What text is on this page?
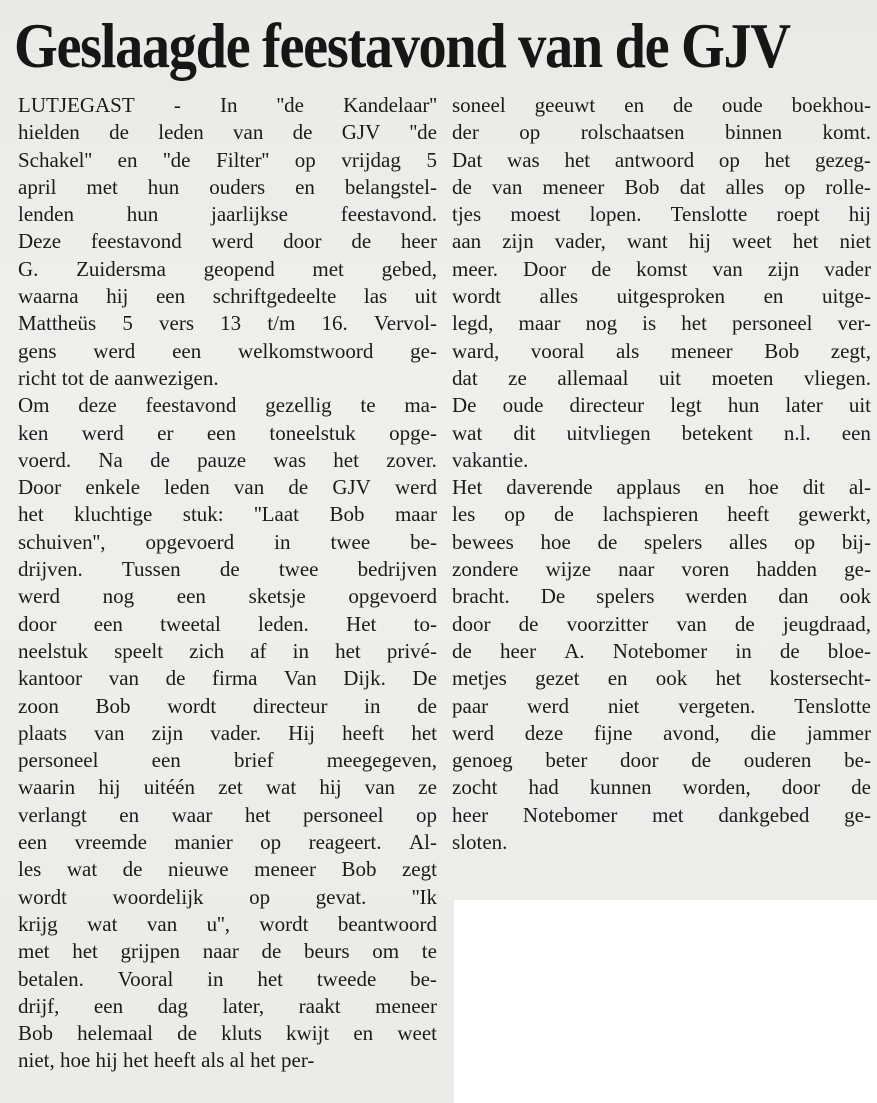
Geslaagde feestavond van de GJV
LUTJEGAST - In ''de Kandelaar''
hielden de leden van de GJV ''de
Schakel'' en ''de Filter'' op vrijdag 5
april met hun ouders en belangstel-
lenden	hun	jaarlijkse	feestavond.
Deze feestavond werd door de heer
G. Zuidersma geopend met gebed,
waarna hij een schriftgedeelte las uit
Mattheüs 5 vers 13 t/m 16. Vervol-
gens werd een welkomstwoord ge-
richt tot de aanwezigen.
Om deze feestavond gezellig te ma-
ken werd er een toneelstuk opge-
voerd. Na de pauze was het zover.
Door enkele leden van de GJV werd
het kluchtige stuk: ''Laat Bob maar
schuiven'', opgevoerd in twee be-
drijven. Tussen de twee bedrijven
werd nog een sketsje opgevoerd
door een tweetal leden. Het to-
neelstuk speelt zich af in het privé-
kantoor van de firma Van Dijk. De
zoon Bob wordt directeur in de
plaats van zijn vader. Hij heeft het
personeel	een	brief	meegegeven,
waarin hij uitéén zet wat hij van ze
verlangt en waar het personeel op
een vreemde manier op reageert. Al-
les wat de nieuwe meneer Bob zegt
wordt woordelijk op gevat. ''Ik
krijg wat van u'', wordt beantwoord
met het grijpen naar de beurs om te
betalen. Vooral in het tweede be-
drijf, een dag later, raakt meneer
Bob helemaal de kluts kwijt en weet
niet, hoe hij het heeft als al het per-
soneel geeuwt en de oude boekhou-
der op rolschaatsen binnen komt.
Dat was het antwoord op het gezeg-
de van meneer Bob dat alles op rolle-
tjes moest lopen. Tenslotte roept hij
aan zijn vader, want hij weet het niet
meer. Door de komst van zijn vader
wordt alles uitgesproken en uitge-
legd, maar nog is het personeel ver-
ward, vooral als meneer Bob zegt,
dat ze allemaal uit moeten vliegen.
De oude directeur legt hun later uit
wat dit uitvliegen betekent n.l. een
vakantie.
Het daverende applaus en hoe dit al-
les op de lachspieren heeft gewerkt,
bewees hoe de spelers alles op bij-
zondere wijze naar voren hadden ge-
bracht. De spelers werden dan ook
door de voorzitter van de jeugdraad,
de heer A. Notebomer in de bloe-
metjes gezet en ook het kostersecht-
paar werd niet vergeten. Tenslotte
werd deze fijne avond, die jammer
genoeg beter door de ouderen be-
zocht had kunnen worden, door de
heer Notebomer met dankgebed ge-
sloten.
